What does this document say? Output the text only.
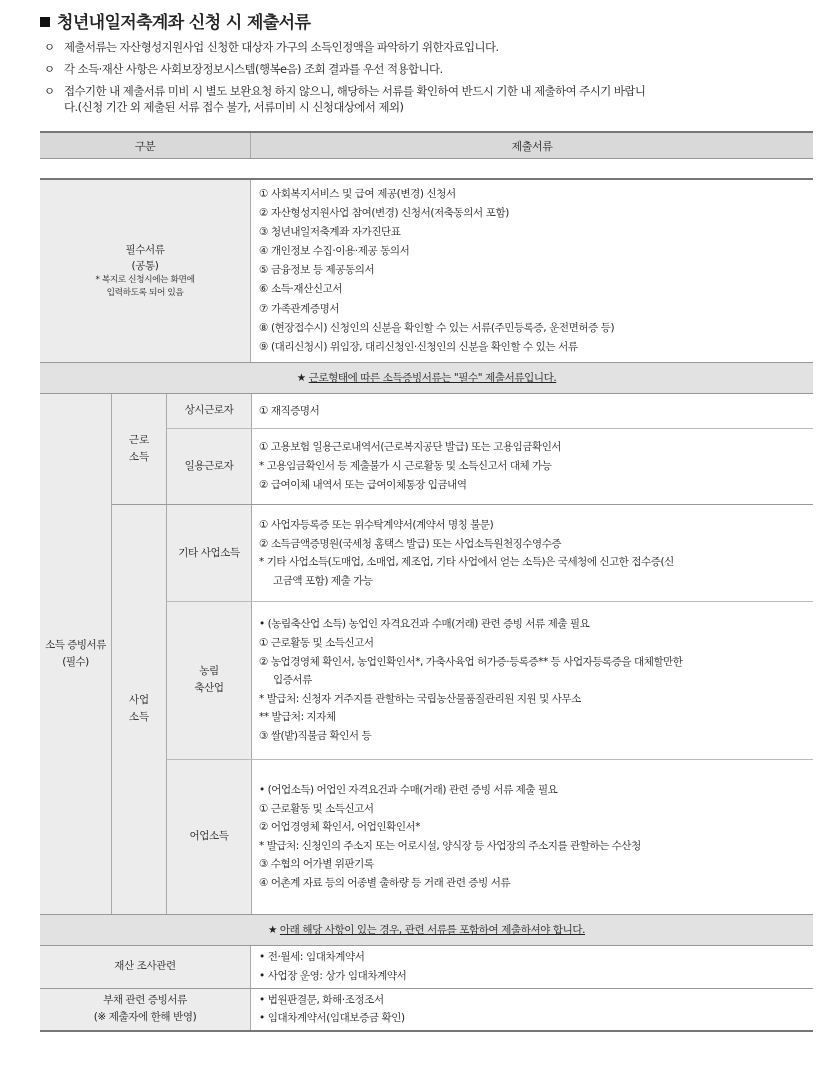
청년내일저축계좌 신청 시 제출서류
ㅇ 제출서류는 자산형성지원사업 신청한 대상자 가구의 소득인정액을 파악하기 위한자료입니다.
ㅇ 각 소득·재산 사항은 사회보장정보시스템(행복e음) 조회 결과를 우선 적용합니다.
ㅇ 접수기한 내 제출서류 미비 시 별도 보완요청 하지 않으니, 해당하는 서류를 확인하여 반드시 기한 내 제출하여 주시기 바랍니
다.(신청 기간 외 제출된 서류 접수 불가, 서류미비 시 신청대상에서 제외)
구분	제출서류
필수서류
(공통)
* 복지로 신청시에는 화면에
입력하도록 되어 있음
① 사회복지서비스 및 급여 제공(변경) 신청서
② 자산형성지원사업 참여(변경) 신청서(저축동의서 포함)
③ 청년내일저축계좌 자가진단표
④ 개인정보 수집·이용·제공 동의서
⑤ 금융정보 등 제공동의서
⑥ 소득·재산신고서
⑦ 가족관계증명서
⑧ (현장접수시) 신청인의 신분을 확인할 수 있는 서류(주민등록증, 운전면허증 등)
⑨ (대리신청시) 위임장, 대리신청인·신청인의 신분을 확인할 수 있는 서류
★
근로형태에 따른 소득증빙서류는 "필수" 제출서류입니다.
소득 증빙서류
(필수)
근로
소득
상시근로자	① 재직증명서
일용근로자
① 고용보험 일용근로내역서(근로복지공단 발급) 또는 고용임금확인서
* 고용임금확인서 등 제출불가 시 근로활동 및 소득신고서 대체 가능
② 급여이체 내역서 또는 급여이체통장 입금내역
사업
소득
기타 사업소득
① 사업자등록증 또는 위수탁계약서(계약서 명칭 불문)
② 소득금액증명원(국세청 홈택스 발급) 또는 사업소득원천징수영수증
* 기타 사업소득(도매업, 소매업, 제조업, 기타 사업에서 얻는 소득)은 국세청에 신고한 접수증(신
고금액 포함) 제출 가능
농림
축산업
• (농림축산업 소득) 농업인 자격요건과 수매(거래) 관련 증빙 서류 제출 필요
① 근로활동 및 소득신고서
② 농업경영체 확인서, 농업인확인서*, 가축사육업 허가증·등록증** 등 사업자등록증을 대체할만한
입증서류
* 발급처: 신청자 거주지를 관할하는 국립농산물품질관리원 지원 및 사무소
** 발급처: 지자체
③ 쌀(밭)직불금 확인서 등
어업소득
• (어업소득) 어업인 자격요건과 수매(거래) 관련 증빙 서류 제출 필요
① 근로활동 및 소득신고서
② 어업경영체 확인서, 어업인확인서*
* 발급처: 신청인의 주소지 또는 어로시설, 양식장 등 사업장의 주소지를 관할하는 수산청
③ 수협의 어가별 위판기록
④ 어촌계 자료 등의 어종별 출하량 등 거래 관련 증빙 서류
★
아래 해당 사항이 있는 경우, 관련 서류를 포함하여 제출하셔야 합니다.
재산 조사관련
• 전·월세: 임대차계약서
• 사업장 운영: 상가 임대차계약서
부채 관련 증빙서류
(※ 제출자에 한해 반영)
• 법원판결문, 화해·조정조서
• 임대차계약서(임대보증금 확인)
